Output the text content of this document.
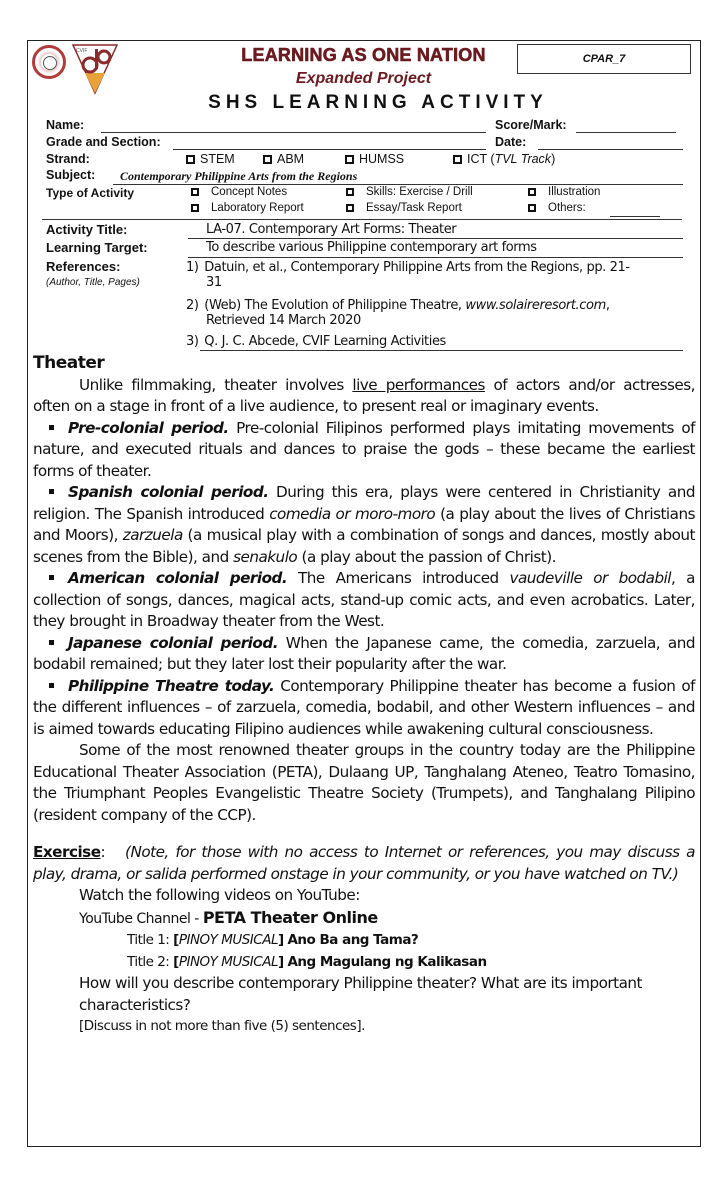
CVIF	LEARNING AS ONE NATION
Expanded Project
SHS LEARNING ACTIVITY
CPAR_7
Name:	Score/Mark:
Grade and Section:	Date:
Strand:	STEM	ABM	HUMSS	ICT (TVL Track)
Subject: Contemporary Philippine Arts from the Regions
Type of Activity	Concept Notes	Skills: Exercise / Drill	Illustration
Laboratory Report	Essay/Task Report	Others:
Activity Title:	LA-07. Contemporary Art Forms: Theater
Learning Target:	To describe various Philippine contemporary art forms
References:
(Author, Title, Pages)
1) Datuin, et al., Contemporary Philippine Arts from the Regions, pp. 21-
31
2) (Web) The Evolution of Philippine Theatre, www.solaireresort.com,
Retrieved 14 March 2020
3) Q. J. C. Abcede, CVIF Learning Activities

Theater

Unlike filmmaking, theater involves live performances of actors and/or actresses, often on a stage in front of a live audience, to present real or imaginary events.

Pre-colonial period. Pre-colonial Filipinos performed plays imitating movements of nature, and executed rituals and dances to praise the gods – these became the earliest forms of theater.

Spanish colonial period. During this era, plays were centered in Christianity and religion. The Spanish introduced comedia or moro-moro (a play about the lives of Christians and Moors), zarzuela (a musical play with a combination of songs and dances, mostly about scenes from the Bible), and senakulo (a play about the passion of Christ).

American colonial period. The Americans introduced vaudeville or bodabil, a collection of songs, dances, magical acts, stand-up comic acts, and even acrobatics. Later, they brought in Broadway theater from the West.

Japanese colonial period. When the Japanese came, the comedia, zarzuela, and bodabil remained; but they later lost their popularity after the war.

Philippine Theatre today. Contemporary Philippine theater has become a fusion of the different influences – of zarzuela, comedia, bodabil, and other Western influences – and is aimed towards educating Filipino audiences while awakening cultural consciousness.

Some of the most renowned theater groups in the country today are the Philippine Educational Theater Association (PETA), Dulaang UP, Tanghalang Ateneo, Teatro Tomasino, the Triumphant Peoples Evangelistic Theatre Society (Trumpets), and Tanghalang Pilipino (resident company of the CCP).

Exercise: (Note, for those with no access to Internet or references, you may discuss a play, drama, or salida performed onstage in your community, or you have watched on TV.)

Watch the following videos on YouTube:

YouTube Channel - PETA Theater Online

Title 1: [PINOY MUSICAL] Ano Ba ang Tama?

Title 2: [PINOY MUSICAL] Ang Magulang ng Kalikasan

How will you describe contemporary Philippine theater? What are its important characteristics?

[Discuss in not more than five (5) sentences].
